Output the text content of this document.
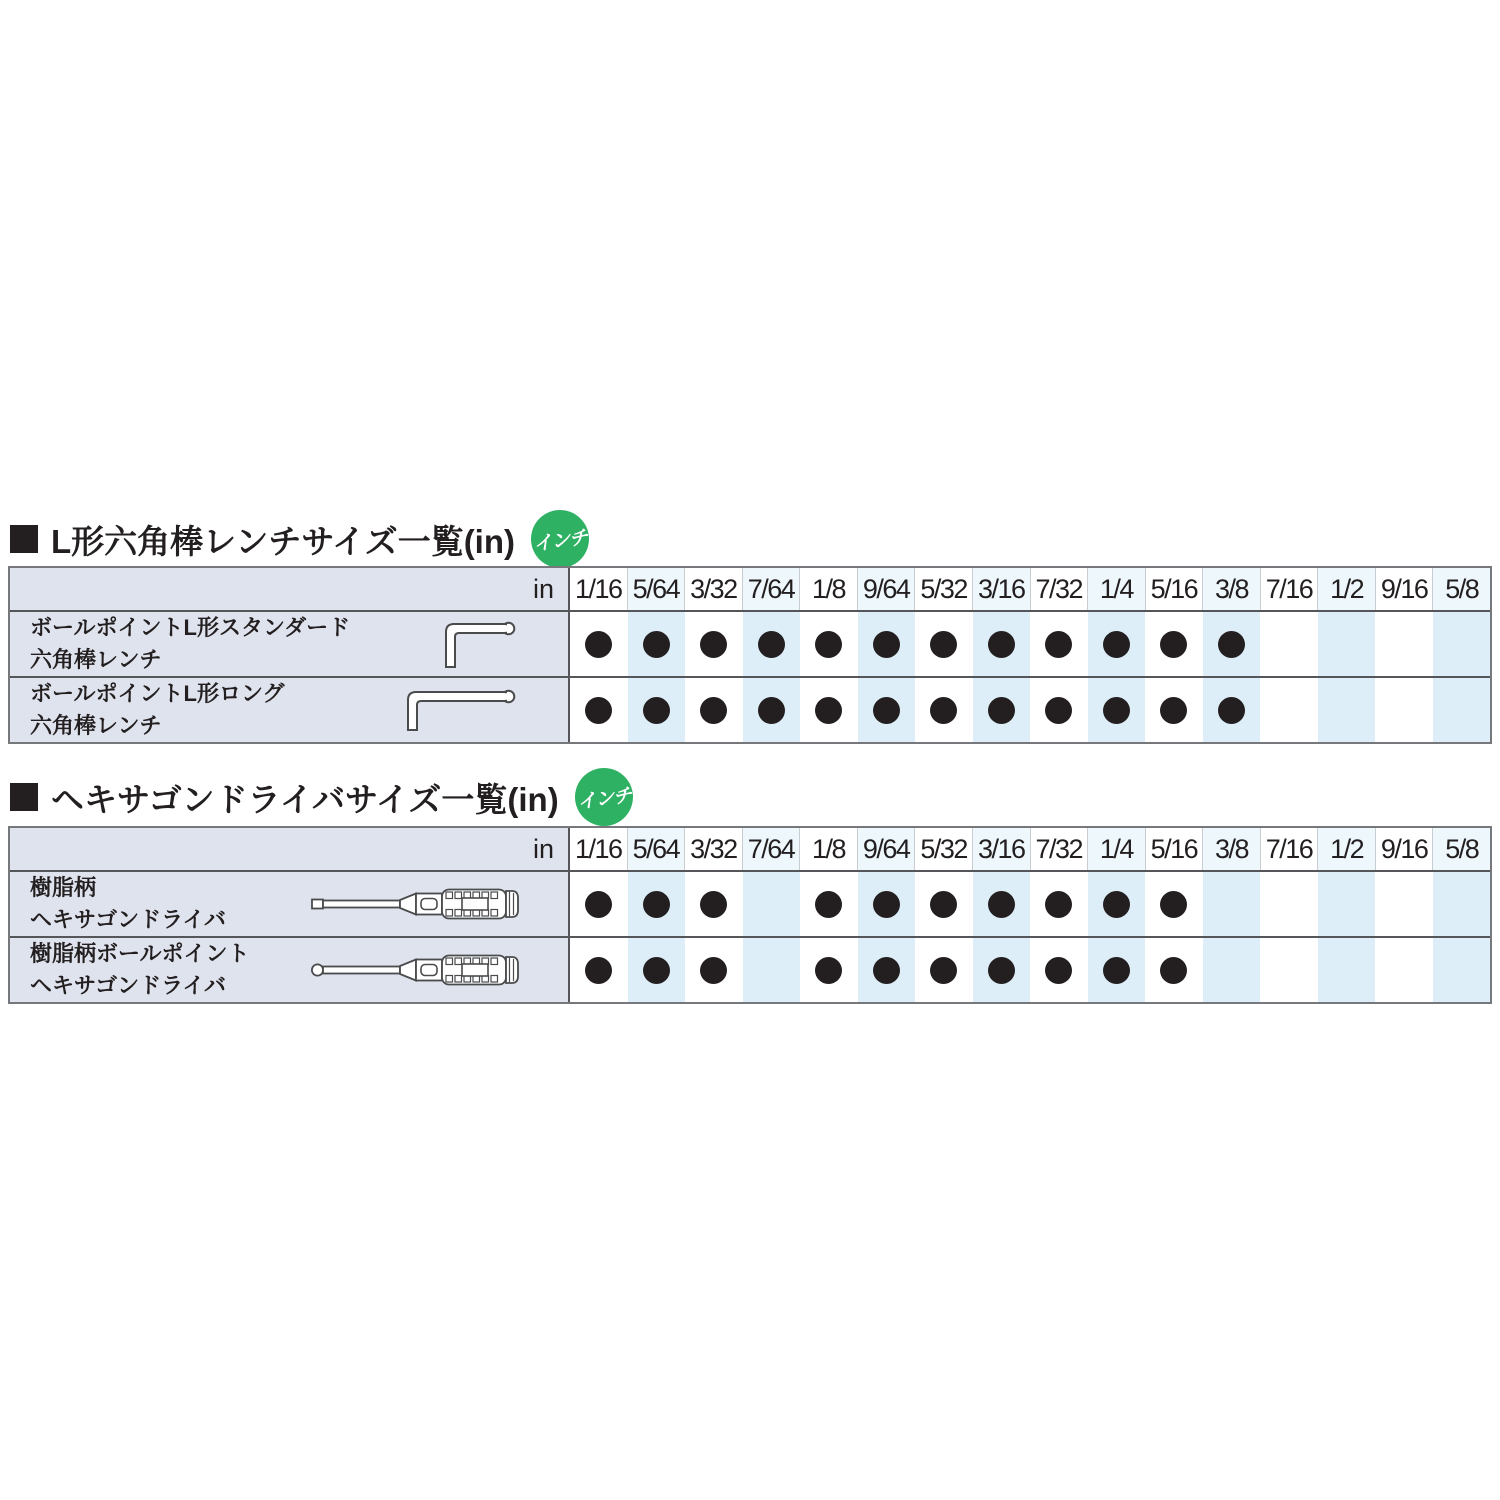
L形六角棒レンチサイズ一覧(in) インチ
in 1/16 5/64 3/32 7/64 1/8 9/64 5/32 3/16 7/32 1/4 5/16 3/8 7/16 1/2 9/16 5/8
ボールポイントL形スタンダード
六角棒レンチ
ボールポイントL形ロング
六角棒レンチ
ヘキサゴンドライバサイズ一覧(in) インチ
in 1/16 5/64 3/32 7/64 1/8 9/64 5/32 3/16 7/32 1/4 5/16 3/8 7/16 1/2 9/16 5/8
樹脂柄
ヘキサゴンドライバ
樹脂柄ボールポイント
ヘキサゴンドライバ
